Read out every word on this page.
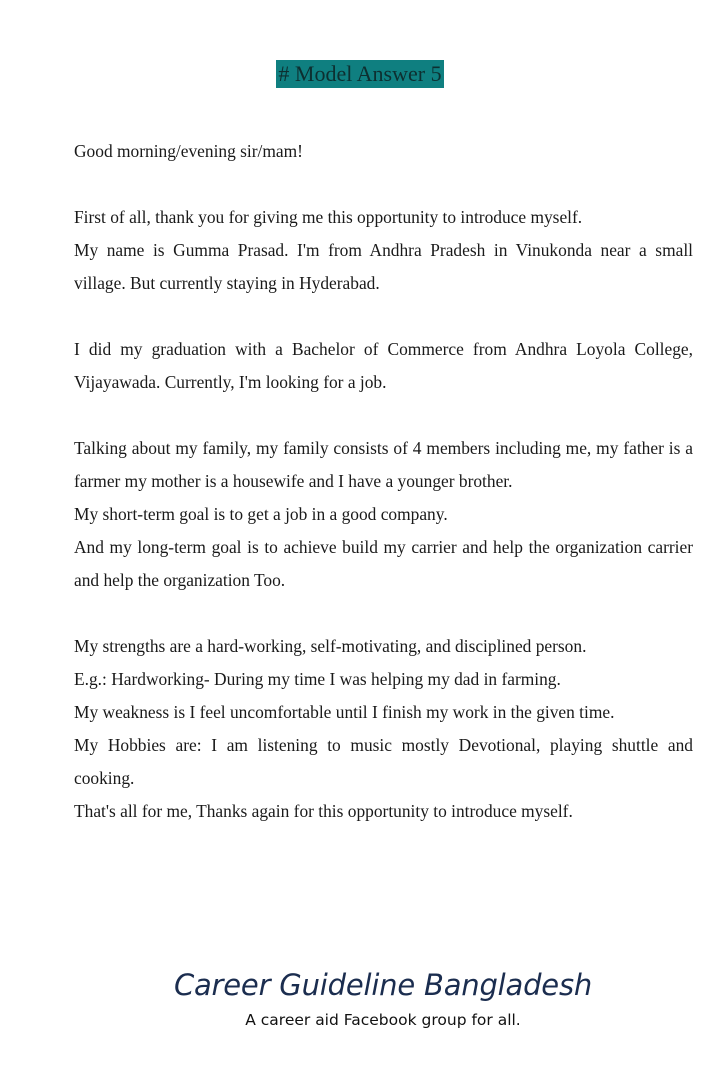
# Model Answer 5

Good morning/evening sir/mam!

First of all, thank you for giving me this opportunity to introduce myself.

My name is Gumma Prasad. I'm from Andhra Pradesh in Vinukonda near a small village. But currently staying in Hyderabad.

I did my graduation with a Bachelor of Commerce from Andhra Loyola College, Vijayawada. Currently, I'm looking for a job.

Talking about my family, my family consists of 4 members including me, my father is a farmer my mother is a housewife and I have a younger brother.

My short-term goal is to get a job in a good company.

And my long-term goal is to achieve build my carrier and help the organization carrier and help the organization Too.

My strengths are a hard-working, self-motivating, and disciplined person.

E.g.: Hardworking- During my time I was helping my dad in farming.

My weakness is I feel uncomfortable until I finish my work in the given time.

My Hobbies are: I am listening to music mostly Devotional, playing shuttle and cooking.

That's all for me, Thanks again for this opportunity to introduce myself.

Career Guideline Bangladesh
A career aid Facebook group for all.
